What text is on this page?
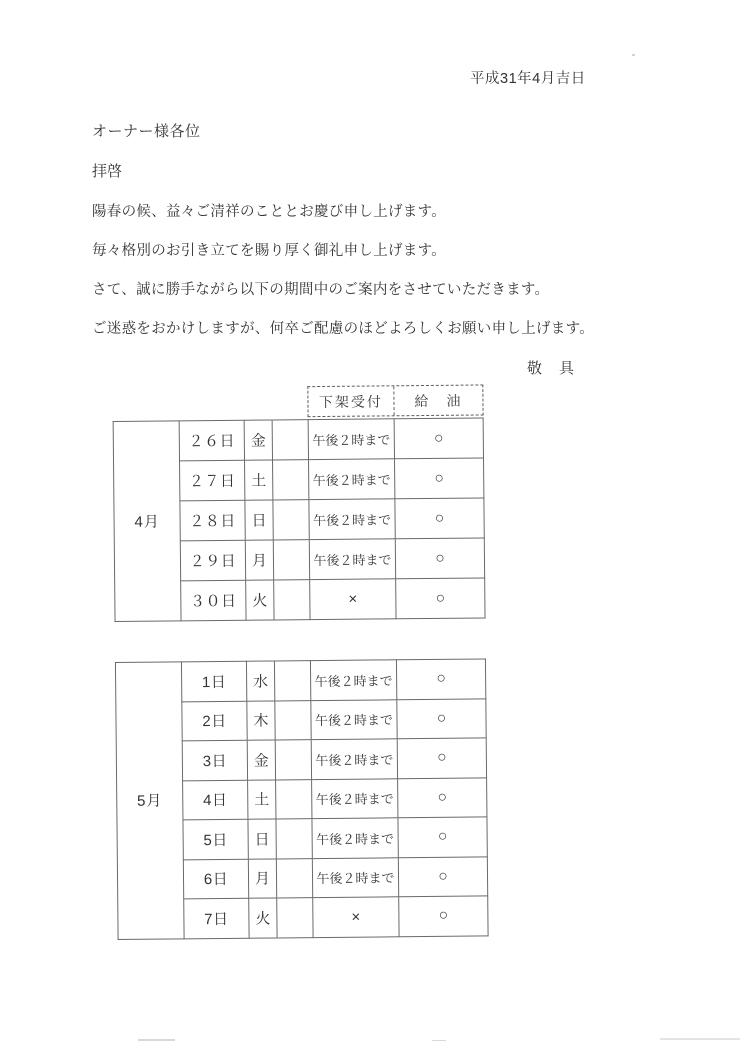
平成31年4月吉日
オーナー様各位
拝啓

陽春の候、益々ご清祥のこととお慶び申し上げます。

毎々格別のお引き立てを賜り厚く御礼申し上げます。

さて、誠に勝手ながら以下の期間中のご案内をさせていただきます。

ご迷惑をおかけしますが、何卒ご配慮のほどよろしくお願い申し上げます。

敬　具
下架受付	給　油
4月	２６日	金		午後２時まで	○
	２７日	土		午後２時まで	○
	２８日	日		午後２時まで	○
	２９日	月		午後２時まで	○
	３０日	火		×	○
5月	1日	水		午後２時まで	○
	2日	木		午後２時まで	○
	3日	金		午後２時まで	○
	4日	土		午後２時まで	○
	5日	日		午後２時まで	○
	6日	月		午後２時まで	○
	7日	火		×	○
